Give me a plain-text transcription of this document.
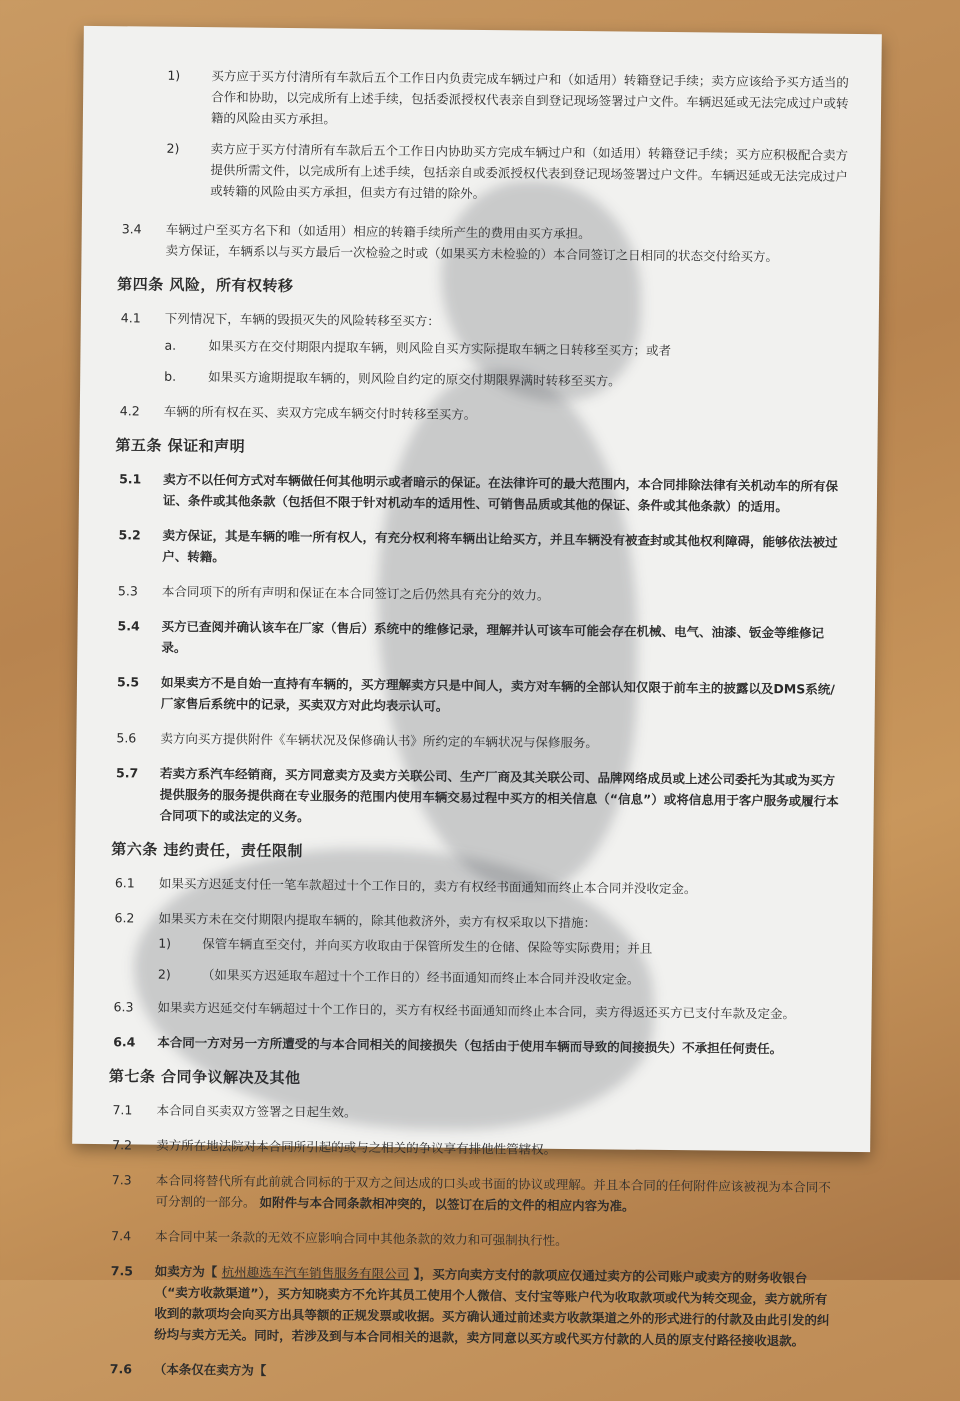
1)	买方应于买方付清所有车款后五个工作日内负责完成车辆过户和（如适用）转籍登记手续；卖方应该给予买方适当的合作和协助，以完成所有上述手续，包括委派授权代表亲自到登记现场签署过户文件。车辆迟延或无法完成过户或转籍的风险由买方承担。
2)	卖方应于买方付清所有车款后五个工作日内协助买方完成车辆过户和（如适用）转籍登记手续；买方应积极配合卖方提供所需文件，以完成所有上述手续，包括亲自或委派授权代表到登记现场签署过户文件。车辆迟延或无法完成过户或转籍的风险由买方承担，但卖方有过错的除外。
3.4	车辆过户至买方名下和（如适用）相应的转籍手续所产生的费用由买方承担。
卖方保证，车辆系以与买方最后一次检验之时或（如果买方未检验的）本合同签订之日相同的状态交付给买方。
第四条 风险，所有权转移
4.1	下列情况下，车辆的毁损灭失的风险转移至买方：
a.	如果买方在交付期限内提取车辆，则风险自买方实际提取车辆之日转移至买方；或者
b.	如果买方逾期提取车辆的，则风险自约定的原交付期限界满时转移至买方。
4.2	车辆的所有权在买、卖双方完成车辆交付时转移至买方。
第五条 保证和声明
5.1	卖方不以任何方式对车辆做任何其他明示或者暗示的保证。在法律许可的最大范围内，本合同排除法律有关机动车的所有保证、条件或其他条款（包括但不限于针对机动车的适用性、可销售品质或其他的保证、条件或其他条款）的适用。
5.2	卖方保证，其是车辆的唯一所有权人，有充分权利将车辆出让给买方，并且车辆没有被查封或其他权利障碍，能够依法被过户、转籍。
5.3	本合同项下的所有声明和保证在本合同签订之后仍然具有充分的效力。
5.4	买方已查阅并确认该车在厂家（售后）系统中的维修记录，理解并认可该车可能会存在机械、电气、油漆、钣金等维修记录。
5.5	如果卖方不是自始一直持有车辆的，买方理解卖方只是中间人，卖方对车辆的全部认知仅限于前车主的披露以及DMS系统/厂家售后系统中的记录，买卖双方对此均表示认可。
5.6	卖方向买方提供附件《车辆状况及保修确认书》所约定的车辆状况与保修服务。
5.7	若卖方系汽车经销商，买方同意卖方及卖方关联公司、生产厂商及其关联公司、品牌网络成员或上述公司委托为其或为买方提供服务的服务提供商在专业服务的范围内使用车辆交易过程中买方的相关信息（“信息”）或将信息用于客户服务或履行本合同项下的或法定的义务。
第六条 违约责任，责任限制
6.1	如果买方迟延支付任一笔车款超过十个工作日的，卖方有权经书面通知而终止本合同并没收定金。
6.2	如果买方未在交付期限内提取车辆的，除其他救济外，卖方有权采取以下措施：
1)	保管车辆直至交付，并向买方收取由于保管所发生的仓储、保险等实际费用；并且
2)	（如果买方迟延取车超过十个工作日的）经书面通知而终止本合同并没收定金。
6.3	如果卖方迟延交付车辆超过十个工作日的，买方有权经书面通知而终止本合同，卖方得返还买方已支付车款及定金。
6.4	本合同一方对另一方所遭受的与本合同相关的间接损失（包括由于使用车辆而导致的间接损失）不承担任何责任。
第七条 合同争议解决及其他
7.1	本合同自买卖双方签署之日起生效。
7.2	卖方所在地法院对本合同所引起的或与之相关的争议享有排他性管辖权。
7.3	本合同将替代所有此前就合同标的于双方之间达成的口头或书面的协议或理解。并且本合同的任何附件应该被视为本合同不可分割的一部分。 如附件与本合同条款相冲突的，以签订在后的文件的相应内容为准。
7.4	本合同中某一条款的无效不应影响合同中其他条款的效力和可强制执行性。
7.5	如卖方为【 杭州趣选车汽车销售服务有限公司 】，买方向卖方支付的款项应仅通过卖方的公司账户或卖方的财务收银台（“卖方收款渠道”），买方知晓卖方不允许其员工使用个人微信、支付宝等账户代为收取款项或代为转交现金，卖方就所有收到的款项均会向买方出具等额的正规发票或收据。买方确认通过前述卖方收款渠道之外的形式进行的付款及由此引发的纠纷均与卖方无关。同时，若涉及到与本合同相关的退款，卖方同意以买方或代买方付款的人员的原支付路径接收退款。
7.6	（本条仅在卖方为【
